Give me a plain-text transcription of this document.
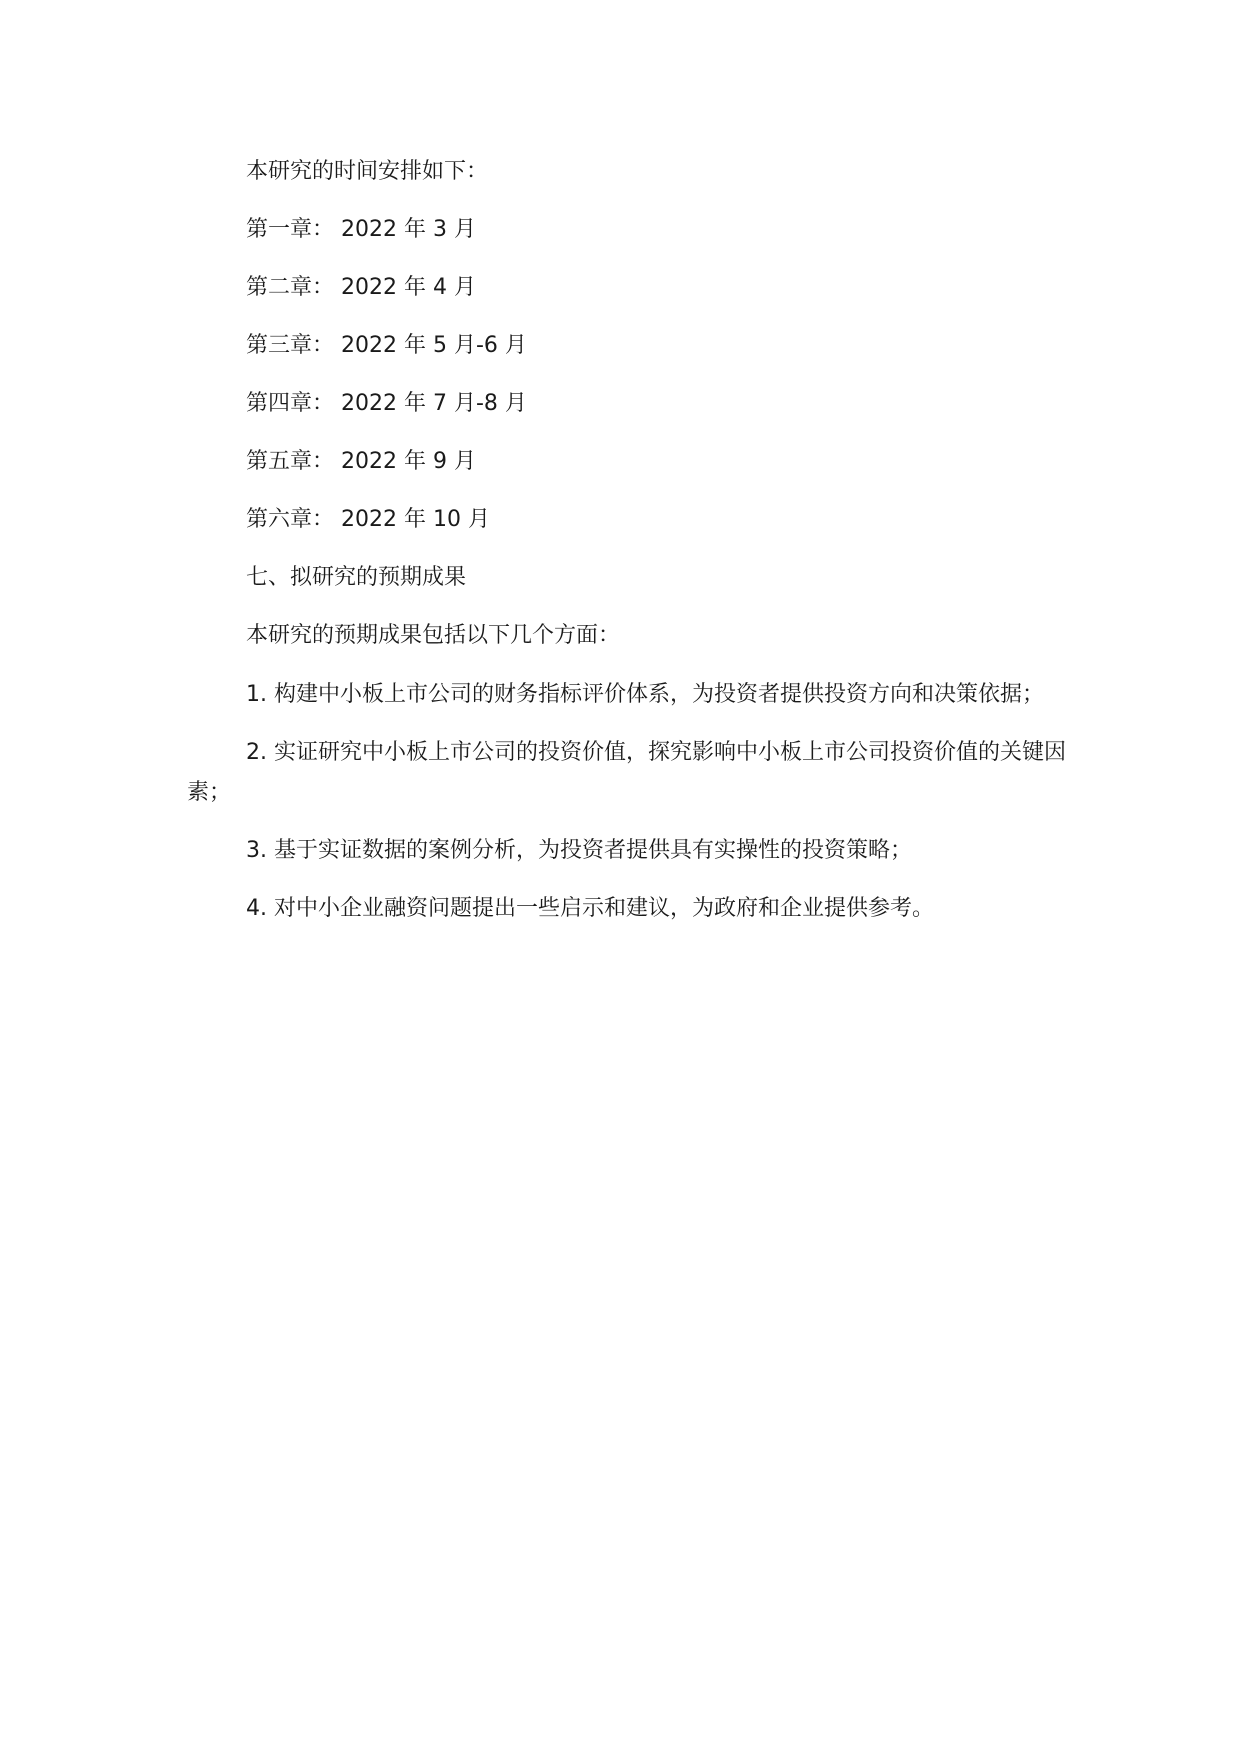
本研究的时间安排如下：
第一章： 2022 年 3 月
第二章： 2022 年 4 月
第三章： 2022 年 5 月-6 月
第四章： 2022 年 7 月-8 月
第五章： 2022 年 9 月
第六章： 2022 年 10 月
七、拟研究的预期成果
本研究的预期成果包括以下几个方面：
1. 构建中小板上市公司的财务指标评价体系，为投资者提供投资方向和决策依据；
2. 实证研究中小板上市公司的投资价值，探究影响中小板上市公司投资价值的关键因素；
3. 基于实证数据的案例分析，为投资者提供具有实操性的投资策略；
4. 对中小企业融资问题提出一些启示和建议，为政府和企业提供参考。
